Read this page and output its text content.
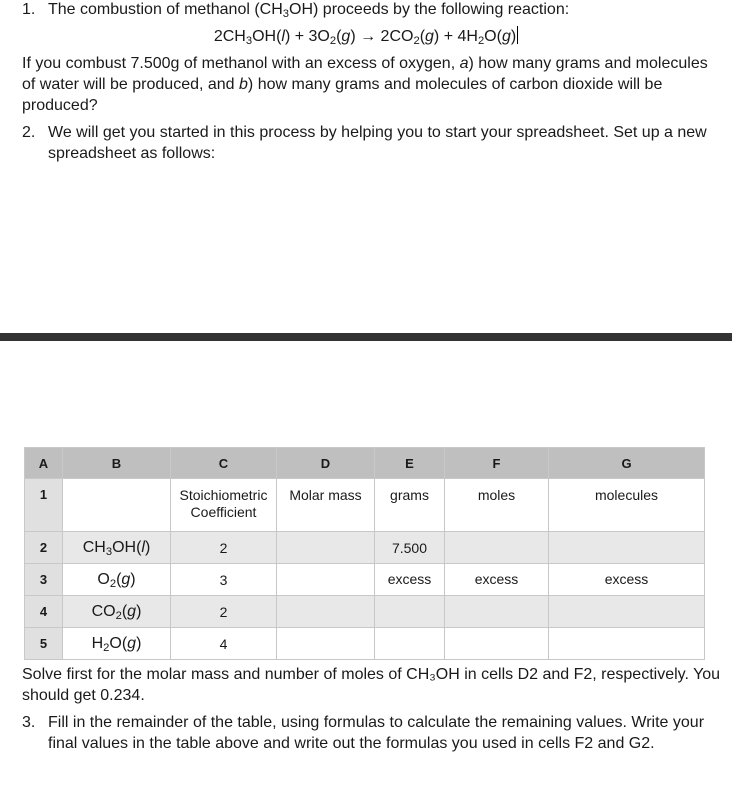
1. The combustion of methanol $(CH_3OH)$ proceeds by the following reaction:

$2CH_3OH(l) + 3O_2(g) \to 2CO_2(g) + 4H_2O(g)$

If you combust 7.500g of methanol with an excess of oxygen, a) how many grams and molecules of water will be produced, and b) how many grams and molecules of carbon dioxide will be produced?

2. We will get you started in this process by helping you to start your spreadsheet. Set up a new spreadsheet as follows:
A	B	C	D	E	F	G
1		Stoichiometric Coefficient	Molar mass	grams	moles	molecules
2	$CH_3OH(l)$	2		7.500		
3	$O_2(g)$	3		excess	excess	excess
4	$CO_2(g)$	2				
5	$H_2O(g)$	4				

Solve first for the molar mass and number of moles of CH₃OH in cells D2 and F2, respectively. You should get 0.234.

3. Fill in the remainder of the table, using formulas to calculate the remaining values. Write your final values in the table above and write out the formulas you used in cells F2 and G2.
